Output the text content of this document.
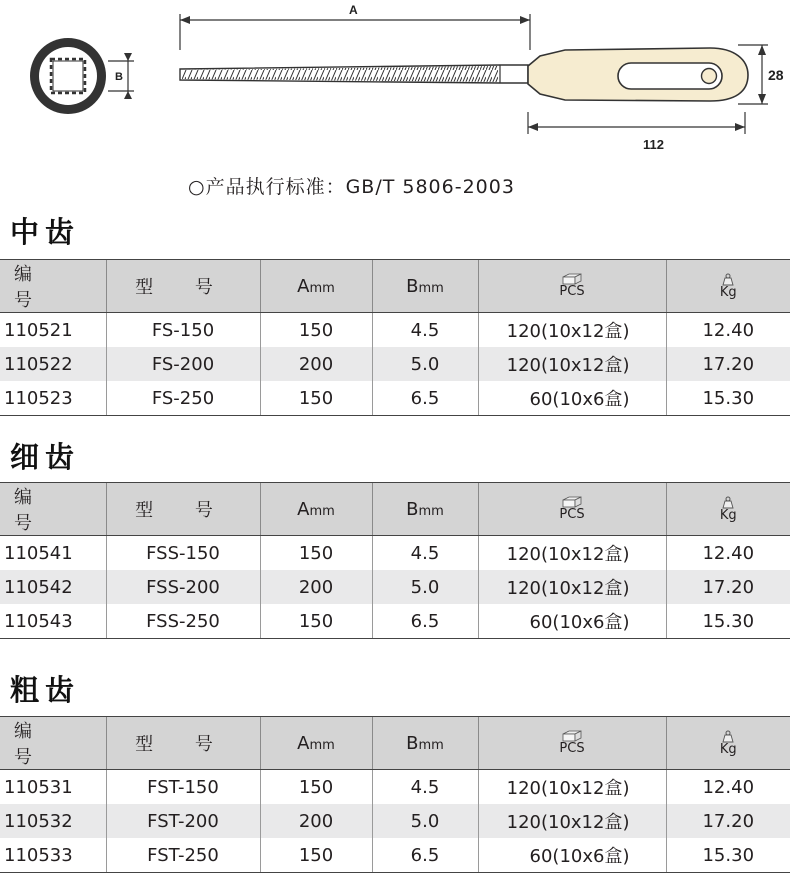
B
A
28
112
○产品执行标准：GB/T 5806-2003
中齿
编 号	型 号	Amm	Bmm	PCS	Kg

110521	FS-150	150	4.5	120(10x12盒)	12.40
110522	FS-200	200	5.0	120(10x12盒)	17.20
110523	FS-250	150	6.5	60(10x6盒)	15.30
细齿
编 号	型 号	Amm	Bmm	PCS	Kg

110541	FSS-150	150	4.5	120(10x12盒)	12.40
110542	FSS-200	200	5.0	120(10x12盒)	17.20
110543	FSS-250	150	6.5	60(10x6盒)	15.30
粗齿
编 号	型 号	Amm	Bmm	PCS	Kg

110531	FST-150	150	4.5	120(10x12盒)	12.40
110532	FST-200	200	5.0	120(10x12盒)	17.20
110533	FST-250	150	6.5	60(10x6盒)	15.30
